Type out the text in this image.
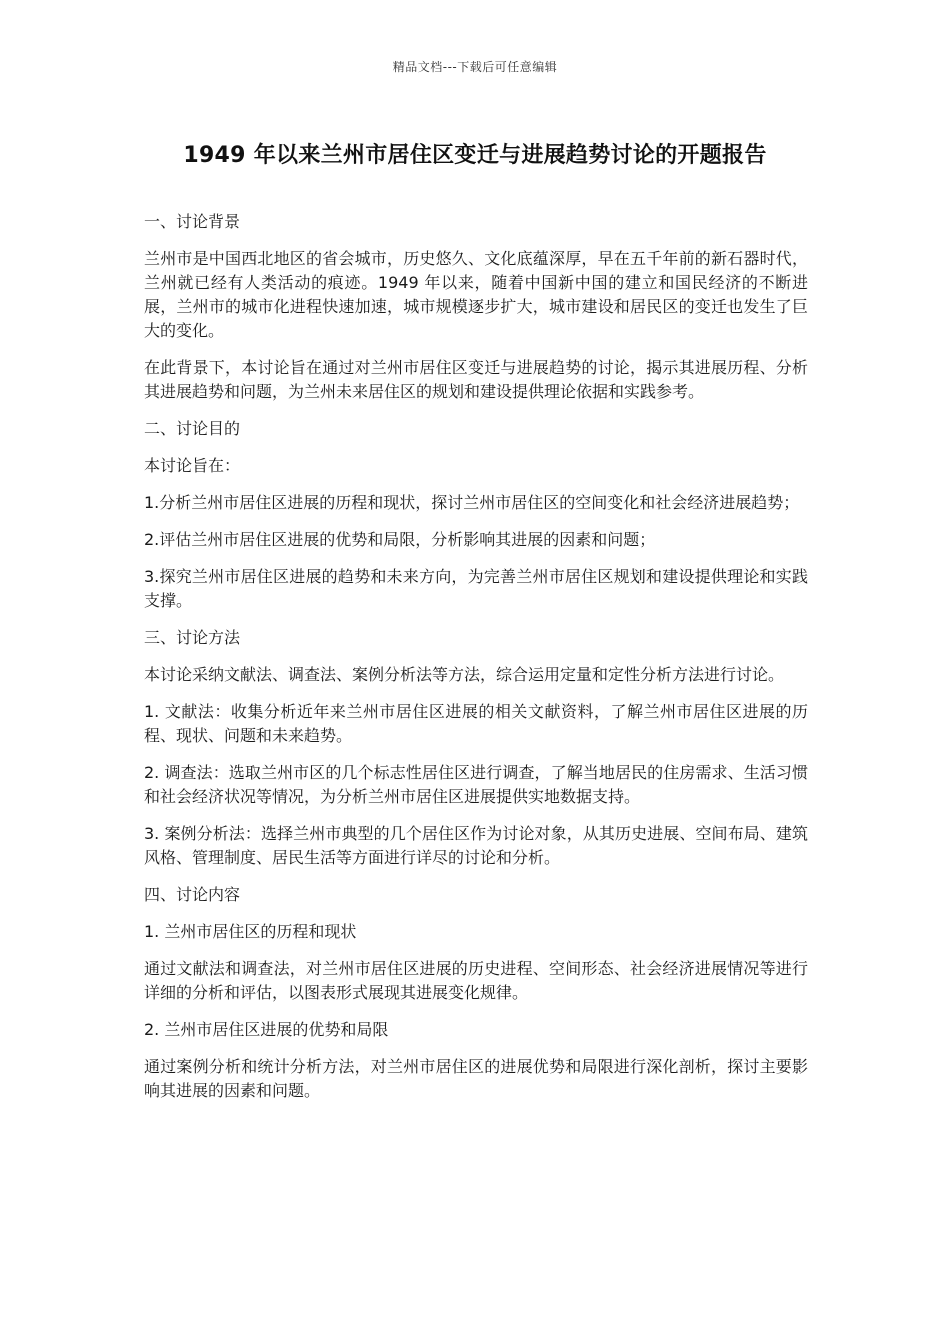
精品文档---下载后可任意编辑
1949 年以来兰州市居住区变迁与进展趋势讨论的开题报告
一、讨论背景

兰州市是中国西北地区的省会城市，历史悠久、文化底蕴深厚，早在五千年前的新石器时代，兰州就已经有人类活动的痕迹。1949 年以来，随着中国新中国的建立和国民经济的不断进展，兰州市的城市化进程快速加速，城市规模逐步扩大，城市建设和居民区的变迁也发生了巨大的变化。

在此背景下，本讨论旨在通过对兰州市居住区变迁与进展趋势的讨论，揭示其进展历程、分析其进展趋势和问题，为兰州未来居住区的规划和建设提供理论依据和实践参考。

二、讨论目的

本讨论旨在：

1.分析兰州市居住区进展的历程和现状，探讨兰州市居住区的空间变化和社会经济进展趋势；

2.评估兰州市居住区进展的优势和局限，分析影响其进展的因素和问题；

3.探究兰州市居住区进展的趋势和未来方向，为完善兰州市居住区规划和建设提供理论和实践支撑。

三、讨论方法

本讨论采纳文献法、调查法、案例分析法等方法，综合运用定量和定性分析方法进行讨论。

1. 文献法：收集分析近年来兰州市居住区进展的相关文献资料，了解兰州市居住区进展的历程、现状、问题和未来趋势。

2. 调查法：选取兰州市区的几个标志性居住区进行调查，了解当地居民的住房需求、生活习惯和社会经济状况等情况，为分析兰州市居住区进展提供实地数据支持。

3. 案例分析法：选择兰州市典型的几个居住区作为讨论对象，从其历史进展、空间布局、建筑风格、管理制度、居民生活等方面进行详尽的讨论和分析。

四、讨论内容

1. 兰州市居住区的历程和现状

通过文献法和调查法，对兰州市居住区进展的历史进程、空间形态、社会经济进展情况等进行详细的分析和评估，以图表形式展现其进展变化规律。

2. 兰州市居住区进展的优势和局限

通过案例分析和统计分析方法，对兰州市居住区的进展优势和局限进行深化剖析，探讨主要影响其进展的因素和问题。
